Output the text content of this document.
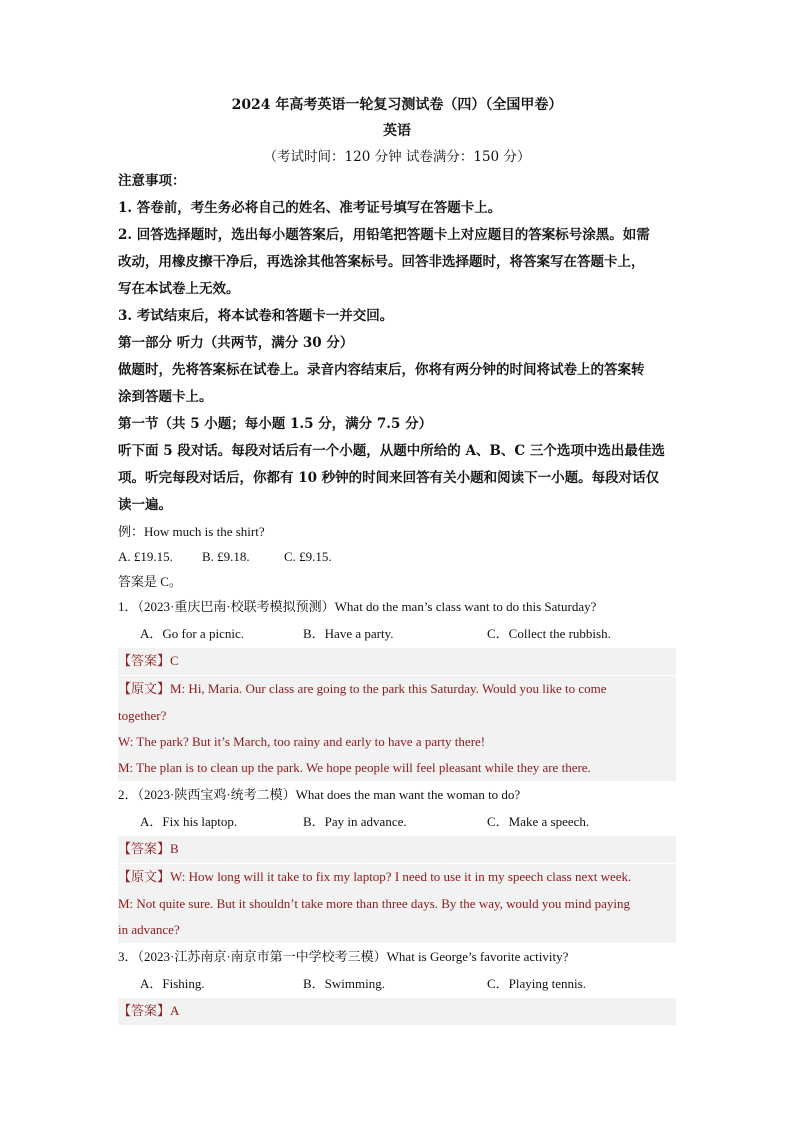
2024 年高考英语一轮复习测试卷（四）（全国甲卷）
英语
（考试时间：120 分钟 试卷满分：150 分）
注意事项：
1. 答卷前，考生务必将自己的姓名、准考证号填写在答题卡上。
2. 回答选择题时，选出每小题答案后，用铅笔把答题卡上对应题目的答案标号涂黑。如需
改动，用橡皮擦干净后，再选涂其他答案标号。回答非选择题时，将答案写在答题卡上，
写在本试卷上无效。
3. 考试结束后，将本试卷和答题卡一并交回。
第一部分 听力（共两节，满分 30 分）
做题时，先将答案标在试卷上。录音内容结束后，你将有两分钟的时间将试卷上的答案转
涂到答题卡上。
第一节（共 5 小题；每小题 1.5 分，满分 7.5 分）
听下面 5 段对话。每段对话后有一个小题，从题中所给的 A、B、C 三个选项中选出最佳选
项。听完每段对话后，你都有 10 秒钟的时间来回答有关小题和阅读下一小题。每段对话仅
读一遍。
例：How much is the shirt?
A. £19.15.	B. £9.18.	C. £9.15.
答案是 C。
1．（2023·重庆巴南·校联考模拟预测）What do the man’s class want to do this Saturday?
A．Go for a picnic.	B．Have a party.	C．Collect the rubbish.
【答案】C
【原文】M: Hi, Maria. Our class are going to the park this Saturday. Would you like to come
together?
W: The park? But it’s March, too rainy and early to have a party there!
M: The plan is to clean up the park. We hope people will feel pleasant while they are there.
2．（2023·陕西宝鸡·统考二模）What does the man want the woman to do?
A．Fix his laptop.	B．Pay in advance.	C．Make a speech.
【答案】B
【原文】W: How long will it take to fix my laptop? I need to use it in my speech class next week.
M: Not quite sure. But it shouldn’t take more than three days. By the way, would you mind paying
in advance?
3．（2023·江苏南京·南京市第一中学校考三模）What is George’s favorite activity?
A．Fishing.	B．Swimming.	C．Playing tennis.
【答案】A
